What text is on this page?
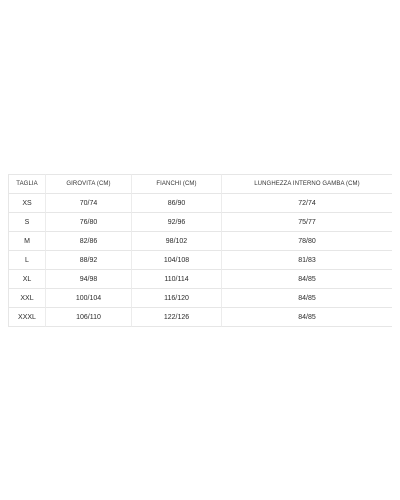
TAGLIA	GIROVITA (CM)	FIANCHI (CM)	LUNGHEZZA INTERNO GAMBA (CM)
XS	70/74	86/90	72/74
S	76/80	92/96	75/77
M	82/86	98/102	78/80
L	88/92	104/108	81/83
XL	94/98	110/114	84/85
XXL	100/104	116/120	84/85
XXXL	106/110	122/126	84/85
